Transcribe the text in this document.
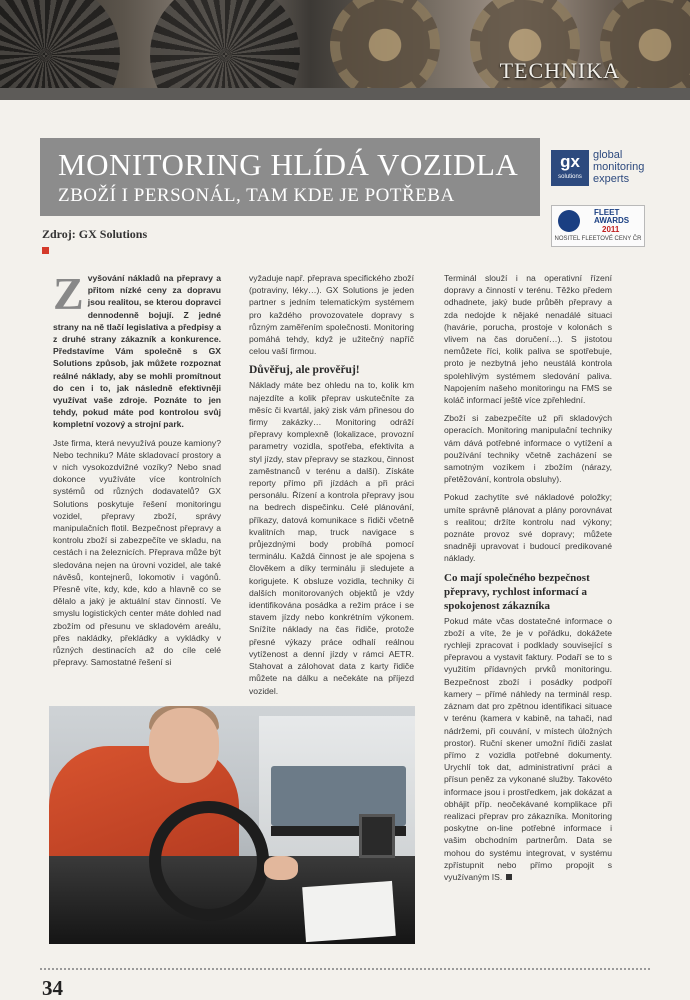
TECHNIKA
MONITORING HLÍDÁ VOZIDLA
ZBOŽÍ I PERSONÁL, TAM KDE JE POTŘEBA
gx
solutions
global
monitoring
experts
FLEET
AWARDS
2011
NOSITEL FLEETOVÉ CENY ČR
Zdroj: GX Solutions

Z vyšování nákladů na přepravy a přitom nízké ceny za dopravu jsou realitou, se kterou dopravci dennodenně bojují. Z jedné strany na ně tlačí legislativa a předpisy a z druhé strany zákazník a konkurence. Představíme Vám společně s GX Solutions způsob, jak můžete rozpoznat reálné náklady, aby se mohli promítnout do cen i to, jak následně efektivněji využívat vaše zdroje. Poznáte to jen tehdy, pokud máte pod kontrolou svůj kompletní vozový a strojní park.

Jste firma, která nevyužívá pouze kamiony? Nebo techniku? Máte skladovací prostory a v nich vysokozdvižné vozíky? Nebo snad dokonce využíváte více kontrolních systémů od různých dodavatelů? GX Solutions poskytuje řešení monitoringu vozidel, přepravy zboží, správy manipulačních flotil. Bezpečnost přepravy a kontrolu zboží si zabezpečíte ve skladu, na cestách i na železnicích. Přeprava může být sledována nejen na úrovni vozidel, ale také návěsů, kontejnerů, lokomotiv i vagónů. Přesně víte, kdy, kde, kdo a hlavně co se dělalo a jaký je aktuální stav činností. Ve smyslu logistických center máte dohled nad zbožím od přesunu ve skladovém areálu, přes nakládky, překládky a vykládky v různých destinacích až do cíle celé přepravy. Samostatné řešení si

vyžaduje např. přeprava specifického zboží (potraviny, léky…). GX Solutions je jeden partner s jedním telematickým systémem pro každého provozovatele dopravy s různým zaměřením společnosti. Monitoring pomáhá tehdy, když je užitečný napříč celou vaší firmou.

Důvěřuj, ale prověřuj!

Náklady máte bez ohledu na to, kolik km najezdíte a kolik přeprav uskutečníte za měsíc či kvartál, jaký zisk vám přinesou do firmy zakázky… Monitoring odráží přepravy komplexně (lokalizace, provozní parametry vozidla, spotřeba, efektivita a styl jízdy, stav přepravy se stazkou, činnost zaměstnanců v terénu a další). Získáte reporty přímo při jízdách a při práci personálu. Řízení a kontrola přepravy jsou na bedrech dispečinku. Celé plánování, příkazy, datová komunikace s řidiči včetně kvalitních map, truck navigace s průjezdnými body probíhá pomocí terminálu. Každá činnost je ale spojena s člověkem a díky terminálu ji sledujete a korigujete. K obsluze vozidla, techniky či dalších monitorovaných objektů je vždy identifikována posádka a režim práce i se stavem jízdy nebo konkrétním výkonem. Snížíte náklady na čas řidiče, protože přesné výkazy práce odhalí reálnou vytíženost a denní jízdy v rámci AETR. Stahovat a zálohovat data z karty řidiče můžete na dálku a nečekáte na příjezd vozidel.

Terminál slouží i na operativní řízení dopravy a činností v terénu. Těžko předem odhadnete, jaký bude průběh přepravy a zda nedojde k nějaké nenadálé situaci (havárie, porucha, prostoje v kolonách s vlivem na čas doručení…). S jistotou nemůžete říci, kolik paliva se spotřebuje, proto je nezbytná jeho neustálá kontrola spolehlivým systémem sledování paliva. Napojením našeho monitoringu na FMS se koláč informací ještě více zpřehlední.

Zboží si zabezpečíte už při skladových operacích. Monitoring manipulační techniky vám dává potřebné informace o vytížení a používání techniky včetně zacházení se samotným vozíkem i zbožím (nárazy, přetěžování, kontrola obsluhy).

Pokud zachytíte své nákladové položky; umíte správně plánovat a plány porovnávat s realitou; držíte kontrolu nad výkony; poznáte provoz své dopravy; můžete snadněji upravovat i budoucí predikované náklady.

Co mají společného bezpečnost přepravy, rychlost informací a spokojenost zákazníka

Pokud máte včas dostatečné informace o zboží a víte, že je v pořádku, dokážete rychleji zpracovat i podklady související s přepravou a vystavit faktury. Podaří se to s využitím přídavných prvků monitoringu. Bezpečnost zboží i posádky podpoří kamery – přímé náhledy na terminál resp. záznam dat pro zpětnou identifikaci situace v terénu (kamera v kabině, na tahači, nad nádržemi, při couvání, v místech úložných prostor). Ruční skener umožní řidiči zaslat přímo z vozidla potřebné dokumenty. Urychlí tok dat, administrativní práci a přísun peněz za vykonané služby. Takovéto informace jsou i prostředkem, jak dokázat a obhájit příp. neočekávané komplikace při realizaci přeprav pro zákazníka. Monitoring poskytne on-line potřebné informace i vašim obchodním partnerům. Data se mohou do systému integrovat, v systému zpřístupnit nebo přímo propojit s využívaným IS.

34
